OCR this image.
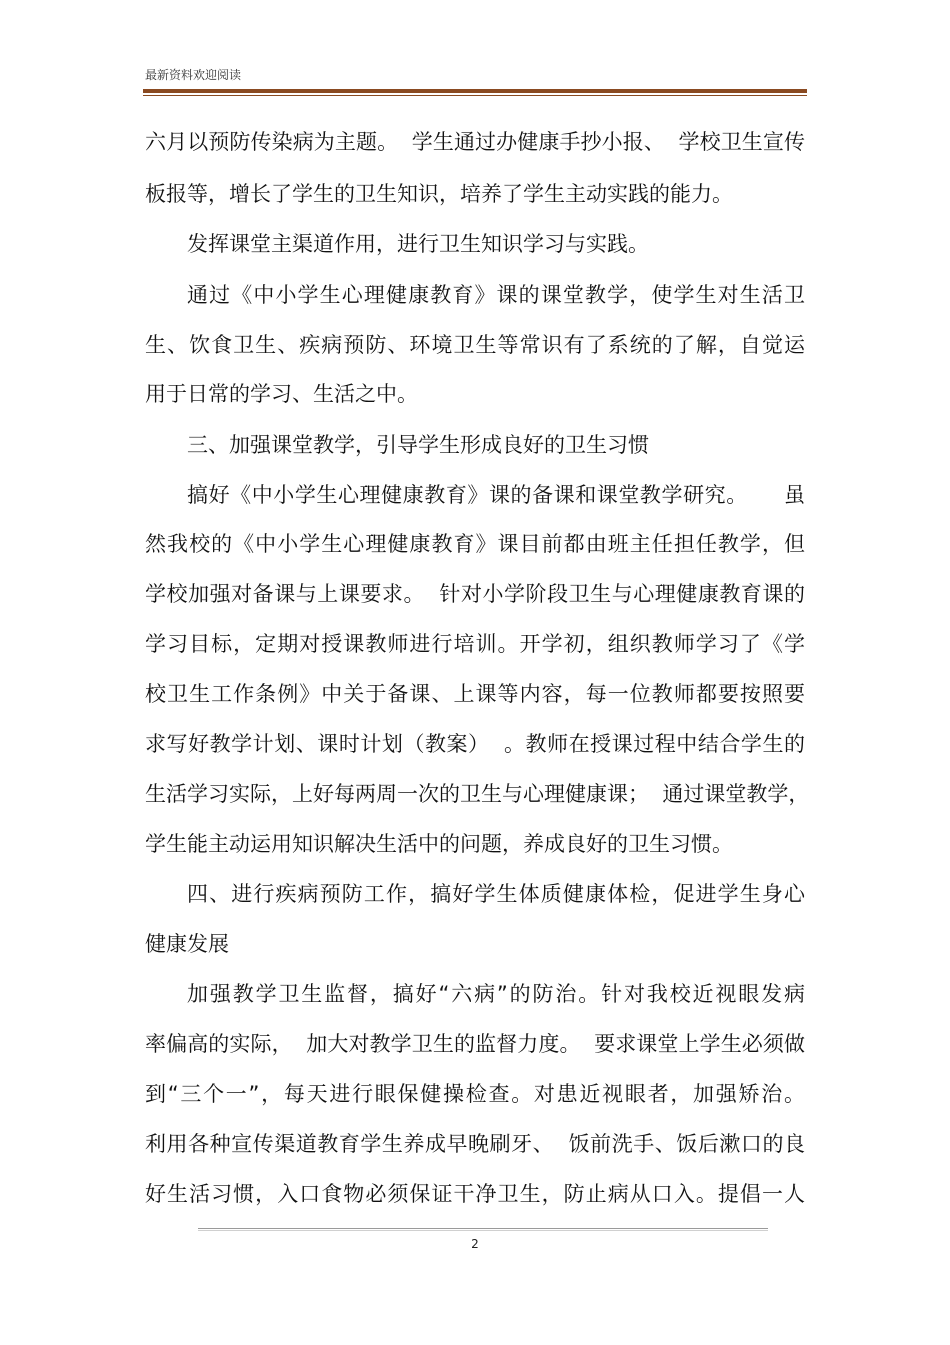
最新资料欢迎阅读
六月以预防传染病为主题。  学生通过办健康手抄小报、  学校卫生宣传
板报等，增长了学生的卫生知识，培养了学生主动实践的能力。
发挥课堂主渠道作用，进行卫生知识学习与实践。
通过《中小学生心理健康教育》课的课堂教学，使学生对生活卫
生、饮食卫生、疾病预防、环境卫生等常识有了系统的了解，自觉运
用于日常的学习、生活之中。
三、加强课堂教学，引导学生形成良好的卫生习惯
搞好《中小学生心理健康教育》课的备课和课堂教学研究。     虽
然我校的《中小学生心理健康教育》课目前都由班主任担任教学，但
学校加强对备课与上课要求。  针对小学阶段卫生与心理健康教育课的
学习目标，定期对授课教师进行培训。开学初，组织教师学习了《学
校卫生工作条例》中关于备课、上课等内容，每一位教师都要按照要
求写好教学计划、课时计划（教案）  。教师在授课过程中结合学生的
生活学习实际，上好每两周一次的卫生与心理健康课；  通过课堂教学，
学生能主动运用知识解决生活中的问题，养成良好的卫生习惯。
四、进行疾病预防工作，搞好学生体质健康体检，促进学生身心
健康发展
加强教学卫生监督，搞好“六病”的防治。针对我校近视眼发病
率偏高的实际，  加大对教学卫生的监督力度。  要求课堂上学生必须做
到“三个一”，每天进行眼保健操检查。对患近视眼者，加强矫治。
利用各种宣传渠道教育学生养成早晚刷牙、  饭前洗手、饭后漱口的良
好生活习惯，入口食物必须保证干净卫生，防止病从口入。提倡一人
2
